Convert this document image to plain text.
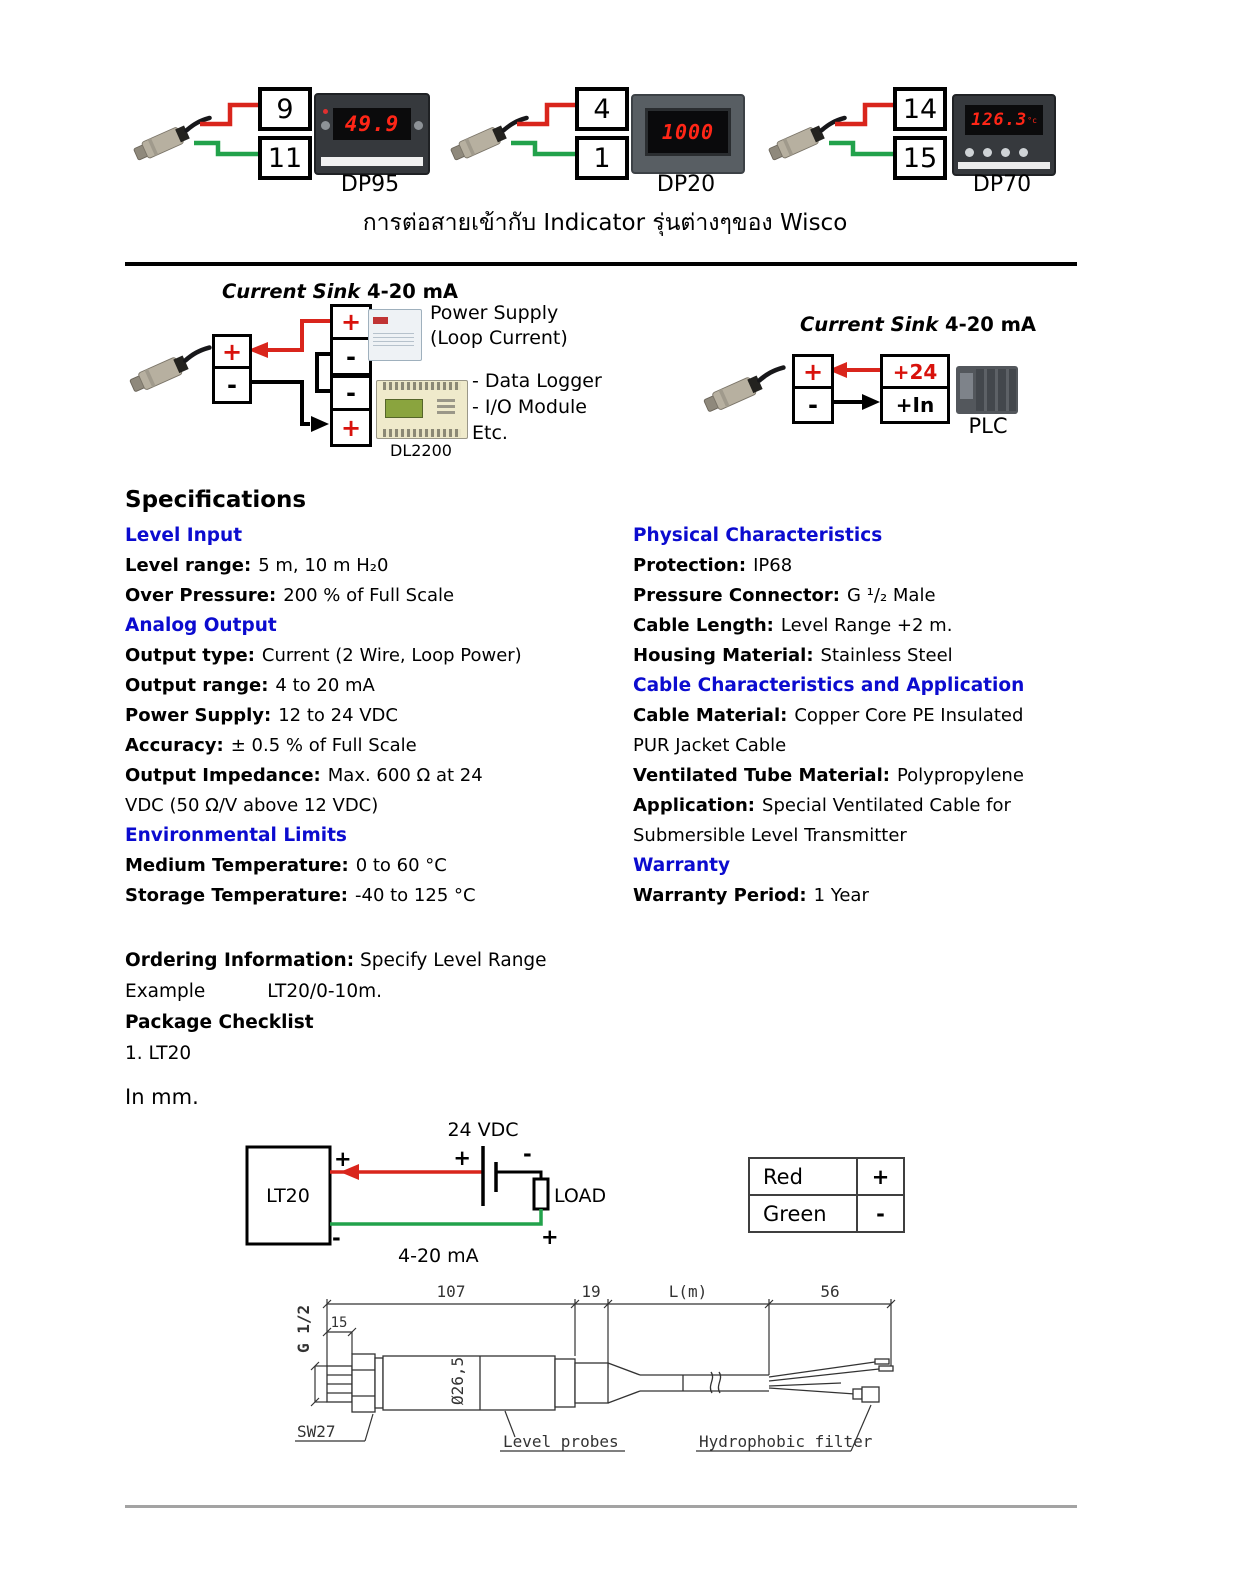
9
11
49.9
DP95
4
1
1000
DP20
14
15
126.3 °c
DP70
การต่อสายเข้ากับ Indicator รุ่นต่างๆของ Wisco
Current Sink 4-20 mA
+
-
+
-
-
+
Power Supply
(Loop Current)
- Data Logger
- I/O Module
Etc.
DL2200
Current Sink 4-20 mA
+
-
+24
+In
PLC
Specifications
Level Input
Level range: 5 m, 10 m H₂0
Over Pressure: 200 % of Full Scale
Analog Output
Output type: Current (2 Wire, Loop Power)
Output range: 4 to 20 mA
Power Supply: 12 to 24 VDC
Accuracy: ± 0.5 % of Full Scale
Output Impedance: Max. 600 Ω at 24
VDC (50 Ω/V above 12 VDC)
Environmental Limits
Medium Temperature: 0 to 60 °C
Storage Temperature: -40 to 125 °C
Physical Characteristics
Protection: IP68
Pressure Connector: G ¹/₂ Male
Cable Length: Level Range +2 m.
Housing Material: Stainless Steel
Cable Characteristics and Application
Cable Material: Copper Core PE Insulated
PUR Jacket Cable
Ventilated Tube Material: Polypropylene
Application: Special Ventilated Cable for
Submersible Level Transmitter
Warranty
Warranty Period: 1 Year
Ordering Information: Specify Level Range
Example	LT20/0-10m.
Package Checklist
1. LT20
In mm.
LT20
+
24 VDC
+ -
LOAD
+
-
4-20 mA
Red	+
Green	-
107	19	L(m)	56
15
G 1/2
Ø26,5
SW27
Level probes	Hydrophobic filter
